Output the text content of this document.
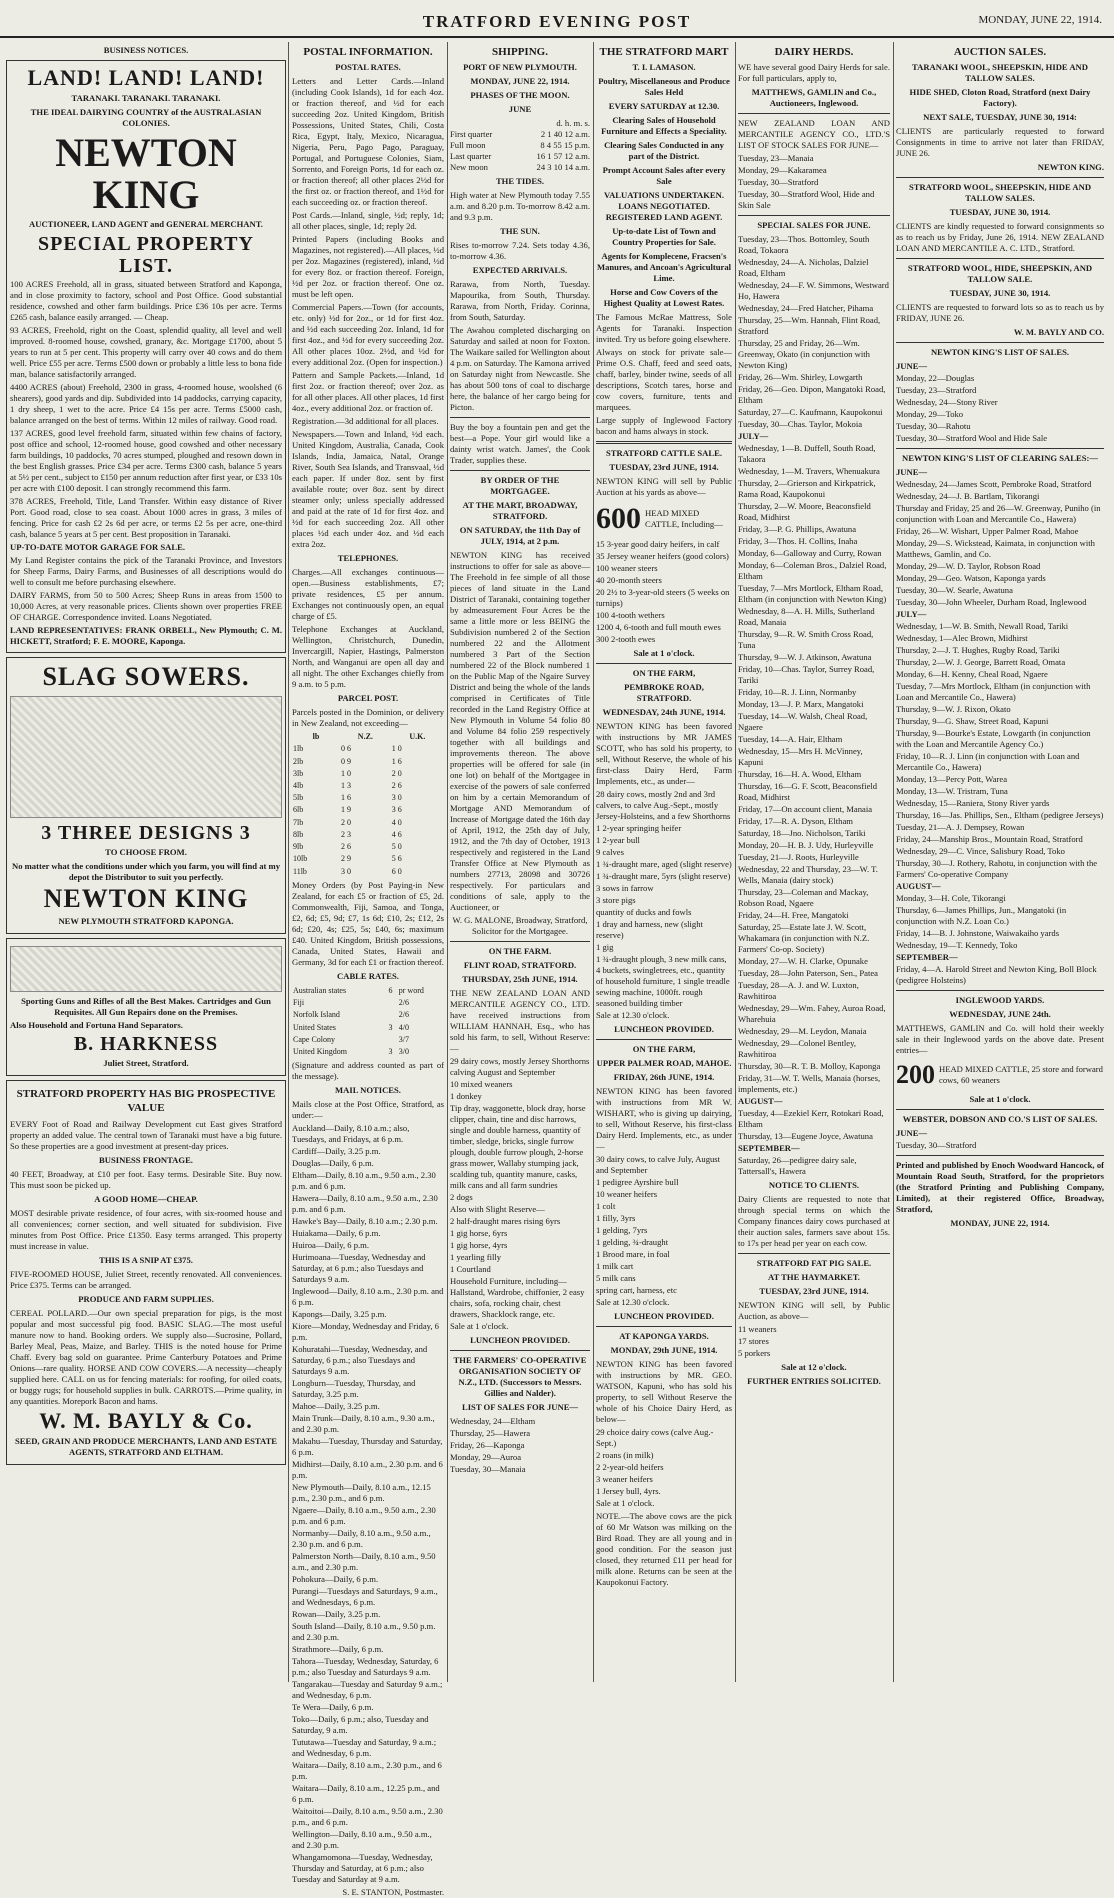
TRATFORD EVENING POST	MONDAY, JUNE 22, 1914.
BUSINESS NOTICES.
LAND! LAND! LAND!
TARANAKI. TARANAKI. TARANAKI.
THE IDEAL DAIRYING COUNTRY of the AUSTRALASIAN COLONIES.
NEWTON KING
AUCTIONEER, LAND AGENT and GENERAL MERCHANT.
SPECIAL PROPERTY LIST.
100 ACRES Freehold, all in grass, situated between Stratford and Kaponga, and in close proximity to factory, school and Post Office. Good substantial residence, cowshed and other farm buildings. Price £36 10s per acre. Terms £265 cash, balance easily arranged. — Cheap.
93 ACRES, Freehold, right on the Coast, splendid quality, all level and well improved. 8-roomed house, cowshed, granary, &c. Mortgage £1700, about 5 years to run at 5 per cent. This property will carry over 40 cows and do them well. Price £55 per acre. Terms £500 down or probably a little less to bona fide man, balance satisfactorily arranged.
4400 ACRES (about) Freehold, 2300 in grass, 4-roomed house, woolshed (6 shearers), good yards and dip. Subdivided into 14 paddocks, carrying capacity, 1 dry sheep, 1 wet to the acre. Price £4 15s per acre. Terms £5000 cash, balance arranged on the best of terms. Within 12 miles of railway. Good road.
137 ACRES, good level freehold farm, situated within few chains of factory, post office and school, 12-roomed house, good cowshed and other necessary farm buildings, 10 paddocks, 70 acres stumped, ploughed and resown down in the best English grasses. Price £34 per acre. Terms £300 cash, balance 5 years at 5½ per cent., subject to £150 per annum reduction after first year, or £33 10s per acre with £100 deposit. I can strongly recommend this farm.
378 ACRES, Freehold, Title, Land Transfer. Within easy distance of River Port. Good road, close to sea coast. About 1000 acres in grass, 3 miles of fencing. Price for cash £2 2s 6d per acre, or terms £2 5s per acre, one-third cash, balance 5 years at 5 per cent. Best proposition in Taranaki.
UP-TO-DATE MOTOR GARAGE FOR SALE.
My Land Register contains the pick of the Taranaki Province, and Investors for Sheep Farms, Dairy Farms, and Businesses of all descriptions would do well to consult me before purchasing elsewhere.
DAIRY FARMS, from 50 to 500 Acres; Sheep Runs in areas from 1500 to 10,000 Acres, at very reasonable prices. Clients shown over properties FREE OF CHARGE. Correspondence invited. Loans Negotiated.
LAND REPRESENTATIVES: FRANK ORBELL, New Plymouth; C. M. HICKETT, Stratford; F. E. MOORE, Kaponga.
SLAG SOWERS.
3 THREE DESIGNS 3
TO CHOOSE FROM.
No matter what the conditions under which you farm, you will find at my depot the Distributor to suit you perfectly.
NEWTON KING
NEW PLYMOUTH STRATFORD KAPONGA.
Sporting Guns and Rifles of all the Best Makes. Cartridges and Gun Requisites. All Gun Repairs done on the Premises.
Also Household and Fortuna Hand Separators.
B. HARKNESS
Juliet Street, Stratford.
STRATFORD PROPERTY HAS BIG PROSPECTIVE VALUE
EVERY Foot of Road and Railway Development cut East gives Stratford property an added value. The central town of Taranaki must have a big future. So these properties are a good investment at present-day prices.
BUSINESS FRONTAGE.
40 FEET, Broadway, at £10 per foot. Easy terms. Desirable Site. Buy now. This must soon be picked up.
A GOOD HOME—CHEAP.
MOST desirable private residence, of four acres, with six-roomed house and all conveniences; corner section, and well situated for subdivision. Five minutes from Post Office. Price £1350. Easy terms arranged. This property must increase in value.
THIS IS A SNIP AT £375.
FIVE-ROOMED HOUSE, Juliet Street, recently renovated. All conveniences. Price £375. Terms can be arranged.
PRODUCE AND FARM SUPPLIES.
CEREAL POLLARD.—Our own special preparation for pigs, is the most popular and most successful pig food. BASIC SLAG.—The most useful manure now to hand. Booking orders. We supply also—Sucrosine, Pollard, Barley Meal, Peas, Maize, and Barley. THIS is the noted house for Prime Chaff. Every bag sold on guarantee. Prime Canterbury Potatoes and Prime Onions—rare quality. HORSE AND COW COVERS.—A necessity—cheaply supplied here. CALL on us for fencing materials: for roofing, for oiled coats, or buggy rugs; for household supplies in bulk. CARROTS.—Prime quality, in any quantities. Morepork Bacon and hams.
W. M. BAYLY & Co.
SEED, GRAIN AND PRODUCE MERCHANTS, LAND AND ESTATE AGENTS, STRATFORD AND ELTHAM.
POSTAL INFORMATION.
POSTAL RATES.
Letters and Letter Cards.—Inland (including Cook Islands), 1d for each 4oz. or fraction thereof, and ½d for each succeeding 2oz. United Kingdom, British Possessions, United States, Chili, Costa Rica, Egypt, Italy, Mexico, Nicaragua, Nigeria, Peru, Pago Pago, Paraguay, Portugal, and Portuguese Colonies, Siam, Sorrento, and Foreign Ports, 1d for each oz. or fraction thereof; all other places 2½d for the first oz. or fraction thereof, and 1½d for each succeeding oz. or fraction thereof.
Post Cards.—Inland, single, ½d; reply, 1d; all other places, single, 1d; reply 2d.
Printed Papers (including Books and Magazines, not registered).—All places, ½d per 2oz. Magazines (registered), inland, ½d for every 8oz. or fraction thereof. Foreign, ½d per 2oz. or fraction thereof. One oz. must be left open.
Commercial Papers.—Town (for accounts, etc. only) ½d for 2oz., or 1d for first 4oz. and ½d each succeeding 2oz. Inland, 1d for first 4oz., and ½d for every succeeding 2oz. All other places 10oz. 2½d, and ½d for every additional 2oz. (Open for inspection.)
Pattern and Sample Packets.—Inland, 1d first 2oz. or fraction thereof; over 2oz. as for all other places. All other places, 1d first 4oz., every additional 2oz. or fraction of.
Registration.—3d additional for all places.
Newspapers.—Town and Inland, ½d each. United Kingdom, Australia, Canada, Cook Islands, India, Jamaica, Natal, Orange River, South Sea Islands, and Transvaal, ½d each paper. If under 8oz. sent by first available route; over 8oz. sent by direct steamer only; unless specially addressed and paid at the rate of 1d for first 4oz. and ½d for each succeeding 2oz. All other places ½d each under 4oz. and ½d each extra 2oz.
TELEPHONES.
Charges.—All exchanges continuous—open.—Business establishments, £7; private residences, £5 per annum. Exchanges not continuously open, an equal charge of £5.
Telephone Exchanges at Auckland, Wellington, Christchurch, Dunedin, Invercargill, Napier, Hastings, Palmerston North, and Wanganui are open all day and all night. The other Exchanges chiefly from 9 a.m. to 5 p.m.
PARCEL POST.
Parcels posted in the Dominion, or delivery in New Zealand, not exceeding—
lb	N.Z.	U.K.
1lb	0 6	1 0
2lb	0 9	1 6
3lb	1 0	2 0
4lb	1 3	2 6
5lb	1 6	3 0
6lb	1 9	3 6
7lb	2 0	4 0
8lb	2 3	4 6
9lb	2 6	5 0
10lb	2 9	5 6
11lb	3 0	6 0
Money Orders (by Post Paying-in New Zealand, for each £5 or fraction of £5, 2d. Commonwealth, Fiji, Samoa, and Tonga, £2, 6d; £5, 9d; £7, 1s 6d; £10, 2s; £12, 2s 6d; £20, 4s; £25, 5s; £40, 6s; maximum £40. United Kingdom, British possessions, Canada, United States, Hawaii and Germany, 3d for each £1 or fraction thereof.
CABLE RATES.
Australian states	6	pr word
Fiji		2/6
Norfolk Island		2/6
United States	3	4/0
Cape Colony		3/7
United Kingdom	3	3/0
(Signature and address counted as part of the message).
MAIL NOTICES.
Mails close at the Post Office, Stratford, as under:—
Auckland—Daily, 8.10 a.m.; also, Tuesdays, and Fridays, at 6 p.m.
Cardiff—Daily, 3.25 p.m.
Douglas—Daily, 6 p.m.
Eltham—Daily, 8.10 a.m., 9.50 a.m., 2.30 p.m. and 6 p.m.
Hawera—Daily, 8.10 a.m., 9.50 a.m., 2.30 p.m. and 6 p.m.
Hawke's Bay—Daily, 8.10 a.m.; 2.30 p.m.
Huiakama—Daily, 6 p.m.
Huiroa—Daily, 6 p.m.
Hurimoana—Tuesday, Wednesday and Saturday, at 6 p.m.; also Tuesdays and Saturdays 9 a.m.
Inglewood—Daily, 8.10 a.m., 2.30 p.m. and 6 p.m.
Kapongs—Daily, 3.25 p.m.
Kiore—Monday, Wednesday and Friday, 6 p.m.
Kohuratahi—Tuesday, Wednesday, and Saturday, 6 p.m.; also Tuesdays and Saturdays 9 a.m.
Longburn—Tuesday, Thursday, and Saturday, 3.25 p.m.
Mahoe—Daily, 3.25 p.m.
Main Trunk—Daily, 8.10 a.m., 9.30 a.m., and 2.30 p.m.
Makahu—Tuesday, Thursday and Saturday, 6 p.m.
Midhirst—Daily, 8.10 a.m., 2.30 p.m. and 6 p.m.
New Plymouth—Daily, 8.10 a.m., 12.15 p.m., 2.30 p.m., and 6 p.m.
Ngaere—Daily, 8.10 a.m., 9.50 a.m., 2.30 p.m. and 6 p.m.
Normanby—Daily, 8.10 a.m., 9.50 a.m., 2.30 p.m. and 6 p.m.
Palmerston North—Daily, 8.10 a.m., 9.50 a.m., and 2.30 p.m.
Pohokura—Daily, 6 p.m.
Purangi—Tuesdays and Saturdays, 9 a.m., and Wednesdays, 6 p.m.
Rowan—Daily, 3.25 p.m.
South Island—Daily, 8.10 a.m., 9.50 p.m. and 2.30 p.m.
Strathmore—Daily, 6 p.m.
Tahora—Tuesday, Wednesday, Saturday, 6 p.m.; also Tuesday and Saturdays 9 a.m.
Tangarakau—Tuesday and Saturday 9 a.m.; and Wednesday, 6 p.m.
Te Wera—Daily, 6 p.m.
Toko—Daily, 6 p.m.; also, Tuesday and Saturday, 9 a.m.
Tututawa—Tuesday and Saturday, 9 a.m.; and Wednesday, 6 p.m.
Waitara—Daily, 8.10 a.m., 2.30 p.m., and 6 p.m.
Waitara—Daily, 8.10 a.m., 12.25 p.m., and 6 p.m.
Waitoitoi—Daily, 8.10 a.m., 9.50 a.m., 2.30 p.m., and 6 p.m.
Wellington—Daily, 8.10 a.m., 9.50 a.m., and 2.30 p.m.
Whangamomona—Tuesday, Wednesday, Thursday and Saturday, at 6 p.m.; also Tuesday and Saturday at 9 a.m.
S. E. STANTON, Postmaster.
SHIPPING.
PORT OF NEW PLYMOUTH.
MONDAY, JUNE 22, 1914.
PHASES OF THE MOON.
JUNE
d. h. m. s.
First quarter	2 1 40 12 a.m.
Full moon	8 4 55 15 p.m.
Last quarter	16 1 57 12 a.m.
New moon	24 3 10 14 a.m.
THE TIDES.
High water at New Plymouth today 7.55 a.m. and 8.20 p.m. To-morrow 8.42 a.m. and 9.3 p.m.
THE SUN.
Rises to-morrow 7.24. Sets today 4.36, to-morrow 4.36.
EXPECTED ARRIVALS.
Rarawa, from North, Tuesday. Mapourika, from South, Thursday. Rarawa, from North, Friday. Corinna, from South, Saturday.
The Awahou completed discharging on Saturday and sailed at noon for Foxton. The Waikare sailed for Wellington about 4 p.m. on Saturday. The Kamona arrived on Saturday night from Newcastle. She has about 500 tons of coal to discharge here, the balance of her cargo being for Picton.
Buy the boy a fountain pen and get the best—a Pope. Your girl would like a dainty wrist watch. James', the Cook Trader, supplies these.
BY ORDER OF THE MORTGAGEE.
AT THE MART, BROADWAY, STRATFORD.
ON SATURDAY, the 11th Day of JULY, 1914, at 2 p.m.
NEWTON KING has received instructions to offer for sale as above— The Freehold in fee simple of all those pieces of land situate in the Land District of Taranaki, containing together by admeasurement Four Acres be the same a little more or less BEING the Subdivision numbered 2 of the Section numbered 22 and the Allotment numbered 3 Part of the Section numbered 22 of the Block numbered 1 on the Public Map of the Ngaire Survey District and being the whole of the lands comprised in Certificates of Title recorded in the Land Registry Office at New Plymouth in Volume 54 folio 80 and Volume 84 folio 259 respectively together with all buildings and improvements thereon. The above properties will be offered for sale (in one lot) on behalf of the Mortgagee in exercise of the powers of sale conferred on him by a certain Memorandum of Mortgage AND Memorandum of Increase of Mortgage dated the 16th day of April, 1912, the 25th day of July, 1912, and the 7th day of October, 1913 respectively and registered in the Land Transfer Office at New Plymouth as numbers 27713, 28098 and 30726 respectively. For particulars and conditions of sale, apply to the Auctioneer, or
W. G. MALONE, Broadway, Stratford, Solicitor for the Mortgagee.
ON THE FARM.
FLINT ROAD, STRATFORD.
THURSDAY, 25th JUNE, 1914.
THE NEW ZEALAND LOAN AND MERCANTILE AGENCY CO., LTD. have received instructions from WILLIAM HANNAH, Esq., who has sold his farm, to sell, Without Reserve:—
29 dairy cows, mostly Jersey Shorthorns calving August and September
10 mixed weaners
1 donkey
Tip dray, waggonette, block dray, horse clipper, chain, tine and disc harrows, single and double harness, quantity of timber, sledge, bricks, single furrow plough, double furrow plough, 2-horse grass mower, Wallaby stumping jack, scalding tub, quantity manure, casks, milk cans and all farm sundries
2 dogs
Also with Slight Reserve—
2 half-draught mares rising 6yrs
1 gig horse, 6yrs
1 gig horse, 4yrs
1 yearling filly
1 Courtland
Household Furniture, including—Hallstand, Wardrobe, chiffonier, 2 easy chairs, sofa, rocking chair, chest drawers, Shacklock range, etc.
Sale at 1 o'clock.
LUNCHEON PROVIDED.
THE FARMERS' CO-OPERATIVE ORGANISATION SOCIETY OF N.Z., LTD. (Successors to Messrs. Gillies and Nalder).
LIST OF SALES FOR JUNE—
Wednesday, 24—Eltham
Thursday, 25—Hawera
Friday, 26—Kaponga
Monday, 29—Auroa
Tuesday, 30—Manaia
THE STRATFORD MART
T. I. LAMASON.
Poultry, Miscellaneous and Produce Sales Held
EVERY SATURDAY at 12.30.
Clearing Sales of Household Furniture and Effects a Speciality.
Clearing Sales Conducted in any part of the District.
Prompt Account Sales after every Sale
VALUATIONS UNDERTAKEN. LOANS NEGOTIATED. REGISTERED LAND AGENT.
Up-to-date List of Town and Country Properties for Sale.
Agents for Komplecene, Fracsen's Manures, and Ancoan's Agricultural Lime.
Horse and Cow Covers of the Highest Quality at Lowest Rates.
The Famous McRae Mattress, Sole Agents for Taranaki. Inspection invited. Try us before going elsewhere.
Always on stock for private sale—Prime O.S. Chaff, feed and seed oats, chaff, barley, binder twine, seeds of all descriptions, Scotch tares, horse and cow covers, furniture, tents and marquees.
Large supply of Inglewood Factory bacon and hams always in stock.
STRATFORD CATTLE SALE.
TUESDAY, 23rd JUNE, 1914.
NEWTON KING will sell by Public Auction at his yards as above—
600 HEAD MIXED CATTLE, Including—
15 3-year good dairy heifers, in calf
35 Jersey weaner heifers (good colors)
100 weaner steers
40 20-month steers
20 2½ to 3-year-old steers (5 weeks on turnips)
100 4-tooth wethers
1200 4, 6-tooth and full mouth ewes
300 2-tooth ewes
Sale at 1 o'clock.
ON THE FARM,
PEMBROKE ROAD, STRATFORD.
WEDNESDAY, 24th JUNE, 1914.
NEWTON KING has been favored with instructions by MR JAMES SCOTT, who has sold his property, to sell, Without Reserve, the whole of his first-class Dairy Herd, Farm Implements, etc., as under—
28 dairy cows, mostly 2nd and 3rd calvers, to calve Aug.-Sept., mostly Jersey-Holsteins, and a few Shorthorns
1 2-year springing heifer
1 2-year bull
9 calves
1 ¾-draught mare, aged (slight reserve)
1 ¾-draught mare, 5yrs (slight reserve)
3 sows in farrow
3 store pigs
quantity of ducks and fowls
1 dray and harness, new (slight reserve)
1 gig
1 ¾-draught plough, 3 new milk cans, 4 buckets, swingletrees, etc., quantity of household furniture, 1 single treadle sewing machine, 1000ft. rough seasoned building timber
Sale at 12.30 o'clock.
LUNCHEON PROVIDED.
ON THE FARM,
UPPER PALMER ROAD, MAHOE.
FRIDAY, 26th JUNE, 1914.
NEWTON KING has been favored with instructions from MR W. WISHART, who is giving up dairying, to sell, Without Reserve, his first-class Dairy Herd. Implements, etc., as under—
30 dairy cows, to calve July, August and September
1 pedigree Ayrshire bull
10 weaner heifers
1 colt
1 filly, 3yrs
1 gelding, 7yrs
1 gelding, ¾-draught
1 Brood mare, in foal
1 milk cart
5 milk cans
spring cart, harness, etc
Sale at 12.30 o'clock.
LUNCHEON PROVIDED.
AT KAPONGA YARDS.
MONDAY, 29th JUNE, 1914.
NEWTON KING has been favored with instructions by MR. GEO. WATSON, Kapuni, who has sold his property, to sell Without Reserve the whole of his Choice Dairy Herd, as below—
29 choice dairy cows (calve Aug.-Sept.)
2 roans (in milk)
2 2-year-old heifers
3 weaner heifers
1 Jersey bull, 4yrs.
Sale at 1 o'clock.
NOTE.—The above cows are the pick of 60 Mr Watson was milking on the Bird Road. They are all young and in good condition. For the season just closed, they returned £11 per head for milk alone. Returns can be seen at the Kaupokonui Factory.
DAIRY HERDS.
WE have several good Dairy Herds for sale. For full particulars, apply to,
MATTHEWS, GAMLIN and Co., Auctioneers, Inglewood.
NEW ZEALAND LOAN AND MERCANTILE AGENCY CO., LTD.'S LIST OF STOCK SALES FOR JUNE—
Tuesday, 23—Manaia
Monday, 29—Kakaramea
Tuesday, 30—Stratford
Tuesday, 30—Stratford Wool, Hide and Skin Sale
SPECIAL SALES FOR JUNE.
Tuesday, 23—Thos. Bottomley, South Road, Tokaora
Wednesday, 24—A. Nicholas, Dalziel Road, Eltham
Wednesday, 24—F. W. Simmons, Westward Ho, Hawera
Wednesday, 24—Fred Hatcher, Pihama
Thursday, 25—Wm. Hannah, Flint Road, Stratford
Thursday, 25 and Friday, 26—Wm. Greenway, Okato (in conjunction with Newton King)
Friday, 26—Wm. Shirley, Lowgarth
Friday, 26—Geo. Dipon, Mangatoki Road, Eltham
Saturday, 27—C. Kaufmann, Kaupokonui
Tuesday, 30—Chas. Taylor, Mokoia
JULY—
Wednesday, 1—B. Duffell, South Road, Takaora
Wednesday, 1—M. Travers, Whenuakura
Thursday, 2—Grierson and Kirkpatrick, Rama Road, Kaupokonui
Thursday, 2—W. Moore, Beaconsfield Road, Midhirst
Friday, 3—P. G. Phillips, Awatuna
Friday, 3—Thos. H. Collins, Inaha
Monday, 6—Galloway and Curry, Rowan
Monday, 6—Coleman Bros., Dalziel Road, Eltham
Tuesday, 7—Mrs Mortlock, Eltham Road, Eltham (in conjunction with Newton King)
Wednesday, 8—A. H. Mills, Sutherland Road, Manaia
Thursday, 9—R. W. Smith Cross Road, Tuna
Thursday, 9—W. J. Atkinson, Awatuna
Friday, 10—Chas. Taylor, Surrey Road, Tariki
Friday, 10—R. J. Linn, Normanby
Monday, 13—J. P. Marx, Mangatoki
Tuesday, 14—W. Walsh, Cheal Road, Ngaere
Tuesday, 14—A. Hair, Eltham
Wednesday, 15—Mrs H. McVinney, Kapuni
Thursday, 16—H. A. Wood, Eltham
Thursday, 16—G. F. Scott, Beaconsfield Road, Midhirst
Friday, 17—On account client, Manaia
Friday, 17—R. A. Dyson, Eltham
Saturday, 18—Jno. Nicholson, Tariki
Monday, 20—H. B. J. Udy, Hurleyville
Tuesday, 21—J. Roots, Hurleyville
Wednesday, 22 and Thursday, 23—W. T. Wells, Manaia (dairy stock)
Thursday, 23—Coleman and Mackay, Robson Road, Ngaere
Friday, 24—H. Free, Mangatoki
Saturday, 25—Estate late J. W. Scott, Whakamara (in conjunction with N.Z. Farmers' Co-op. Society)
Monday, 27—W. H. Clarke, Opunake
Tuesday, 28—John Paterson, Sen., Patea
Tuesday, 28—A. J. and W. Luxton, Rawhitiroa
Wednesday, 29—Wm. Fahey, Auroa Road, Wharehuia
Wednesday, 29—M. Leydon, Manaia
Wednesday, 29—Colonel Bentley, Rawhitiroa
Thursday, 30—R. T. B. Molloy, Kaponga
Friday, 31—W. T. Wells, Manaia (horses, implements, etc.)
AUGUST—
Tuesday, 4—Ezekiel Kerr, Rotokari Road, Eltham
Thursday, 13—Eugene Joyce, Awatuna
SEPTEMBER—
Saturday, 26—pedigree dairy sale, Tattersall's, Hawera
NOTICE TO CLIENTS.
Dairy Clients are requested to note that through special terms on which the Company finances dairy cows purchased at their auction sales, farmers save about 15s. to 17s per head per year on each cow.
STRATFORD FAT PIG SALE.
AT THE HAYMARKET.
TUESDAY, 23rd JUNE, 1914.
NEWTON KING will sell, by Public Auction, as above—
11 weaners
17 stores
5 porkers
Sale at 12 o'clock.
FURTHER ENTRIES SOLICITED.
AUCTION SALES.
TARANAKI WOOL, SHEEPSKIN, HIDE AND TALLOW SALES.
HIDE SHED, Cloton Road, Stratford (next Dairy Factory).
NEXT SALE, TUESDAY, JUNE 30, 1914:
CLIENTS are particularly requested to forward Consignments in time to arrive not later than FRIDAY, JUNE 26.
NEWTON KING.
STRATFORD WOOL, SHEEPSKIN, HIDE AND TALLOW SALES.
TUESDAY, JUNE 30, 1914.
CLIENTS are kindly requested to forward consignments so as to reach us by Friday, June 26, 1914. NEW ZEALAND LOAN AND MERCANTILE A. C. LTD., Stratford.
STRATFORD WOOL, HIDE, SHEEPSKIN, AND TALLOW SALE.
TUESDAY, JUNE 30, 1914.
CLIENTS are requested to forward lots so as to reach us by FRIDAY, JUNE 26.
W. M. BAYLY AND CO.
NEWTON KING'S LIST OF SALES.
JUNE—
Monday, 22—Douglas
Tuesday, 23—Stratford
Wednesday, 24—Stony River
Monday, 29—Toko
Tuesday, 30—Rahotu
Tuesday, 30—Stratford Wool and Hide Sale
NEWTON KING'S LIST OF CLEARING SALES:—
JUNE—
Wednesday, 24—James Scott, Pembroke Road, Stratford
Wednesday, 24—J. B. Bartlam, Tikorangi
Thursday and Friday, 25 and 26—W. Greenway, Puniho (in conjunction with Loan and Mercantile Co., Hawera)
Friday, 26—W. Wishart, Upper Palmer Road, Mahoe
Monday, 29—S. Wickstead, Kaimata, in conjunction with Matthews, Gamlin, and Co.
Monday, 29—W. D. Taylor, Robson Road
Monday, 29—Geo. Watson, Kaponga yards
Tuesday, 30—W. Searle, Awatuna
Tuesday, 30—John Wheeler, Durham Road, Inglewood
JULY—
Wednesday, 1—W. B. Smith, Newall Road, Tariki
Wednesday, 1—Alec Brown, Midhirst
Thursday, 2—J. T. Hughes, Rugby Road, Tariki
Thursday, 2—W. J. George, Barrett Road, Omata
Monday, 6—H. Kenny, Cheal Road, Ngaere
Tuesday, 7—Mrs Mortlock, Eltham (in conjunction with Loan and Mercantile Co., Hawera)
Thursday, 9—W. J. Rixon, Okato
Thursday, 9—G. Shaw, Street Road, Kapuni
Thursday, 9—Bourke's Estate, Lowgarth (in conjunction with the Loan and Mercantile Agency Co.)
Friday, 10—R. J. Linn (in conjunction with Loan and Mercantile Co., Hawera)
Monday, 13—Percy Pott, Warea
Monday, 13—W. Tristram, Tuna
Wednesday, 15—Raniera, Stony River yards
Thursday, 16—Jas. Phillips, Sen., Eltham (pedigree Jerseys)
Tuesday, 21—A. J. Dempsey, Rowan
Friday, 24—Manship Bros., Mountain Road, Stratford
Wednesday, 29—C. Vince, Salisbury Road, Toko
Thursday, 30—J. Rothery, Rahotu, in conjunction with the Farmers' Co-operative Company
AUGUST—
Monday, 3—H. Cole, Tikorangi
Thursday, 6—James Phillips, Jun., Mangatoki (in conjunction with N.Z. Loan Co.)
Friday, 14—B. J. Johnstone, Waiwakaiho yards
Wednesday, 19—T. Kennedy, Toko
SEPTEMBER—
Friday, 4—A. Harold Street and Newton King, Boll Block (pedigree Holsteins)
INGLEWOOD YARDS.
WEDNESDAY, JUNE 24th.
MATTHEWS, GAMLIN and Co. will hold their weekly sale in their Inglewood yards on the above date. Present entries—
200 HEAD MIXED CATTLE, 25 store and forward cows, 60 weaners
Sale at 1 o'clock.
WEBSTER, DOBSON AND CO.'S LIST OF SALES.
JUNE—
Tuesday, 30—Stratford
Printed and published by Enoch Woodward Hancock, of Mountain Road South, Stratford, for the proprietors (the Stratford Printing and Publishing Company, Limited), at their registered Office, Broadway, Stratford,
MONDAY, JUNE 22, 1914.
